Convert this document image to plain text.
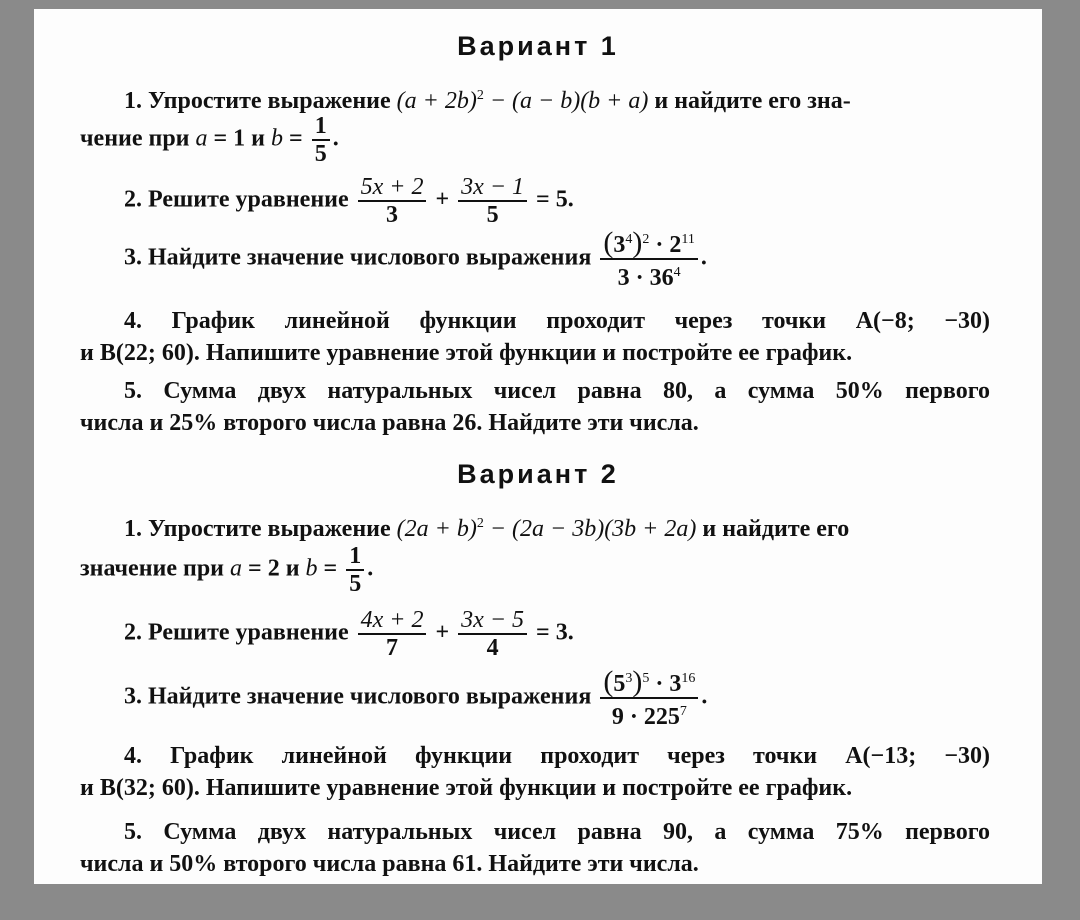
Вариант 1
1. Упростите выражение $(a + 2b)^2 - (a - b)(b + a)$ и найдите его зна-
чение при a = 1 и $b = \frac{1}{5}$ .
2. Решите уравнение $\frac{5x + 2}{3} + \frac{3x - 1}{5} = 5$.
3. Найдите значение числового выражения $\frac{(3^4)^2 \cdot 2^{11}}{3 \cdot 36^4}$ .
4. График линейной функции проходит через точки A(−8; −30)
и B(22; 60). Напишите уравнение этой функции и постройте ее график.
5. Сумма двух натуральных чисел равна 80, а сумма 50% первого
числа и 25% второго числа равна 26. Найдите эти числа.
Вариант 2
1. Упростите выражение $(2a + b)^2 - (2a - 3b)(3b + 2a)$ и найдите его
значение при a = 2 и $b = \frac{1}{5}$ .
2. Решите уравнение $\frac{4x + 2}{7} + \frac{3x - 5}{4} = 3$.
3. Найдите значение числового выражения $\frac{(5^3)^5 \cdot 3^{16}}{9 \cdot 225^7}$ .
4. График линейной функции проходит через точки A(−13; −30)
и B(32; 60). Напишите уравнение этой функции и постройте ее график.
5. Сумма двух натуральных чисел равна 90, а сумма 75% первого
числа и 50% второго числа равна 61. Найдите эти числа.
